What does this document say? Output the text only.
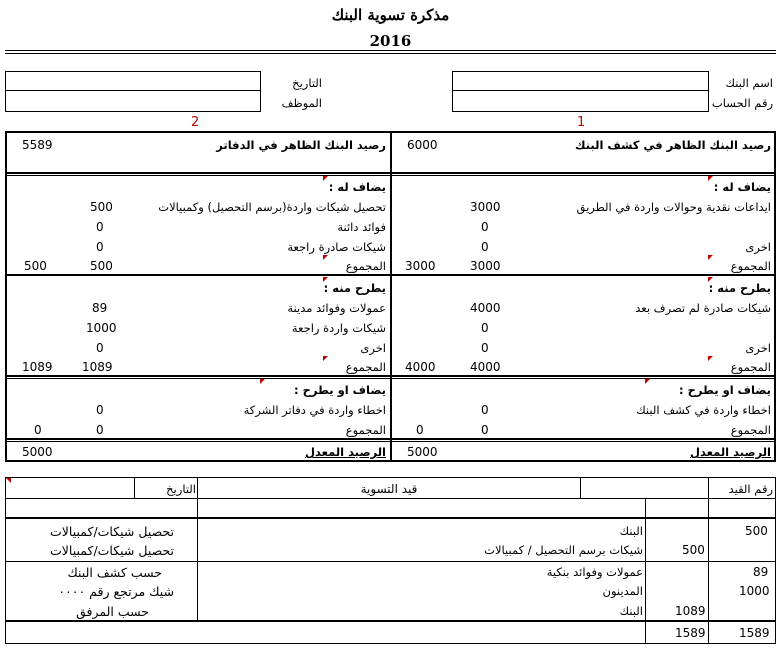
مذكرة تسوية البنك
2016
اسم البنك
رقم الحساب
التاريخ
الموظف
1
2
رصيد البنك الظاهر في كشف البنك
6000
يضاف له :
ايداعات نقدية وحوالات واردة في الطريق
3000
0
اخرى
0
المجموع
3000
3000
يطرح منه :
شيكات صادرة لم تصرف بعد
4000
0
اخرى
0
المجموع
4000
4000
يضاف او يطرح :
اخطاء واردة في كشف البنك
0
المجموع
0
0
الرصيد المعدل
5000
رصيد البنك الظاهر في الدفاتر
5589
يضاف له :
تحصيل شيكات واردة(برسم التحصيل) وكمبيالات
500
فوائد دائنة
0
شيكات صادرة راجعة
0
المجموع
500
500
يطرح منه :
عمولات وفوائد مدينة
89
شيكات واردة راجعة
1000
اخرى
0
المجموع
1089
1089
يضاف او يطرح :
اخطاء واردة في دفاتر الشركة
0
المجموع
0
0
الرصيد المعدل
5000
رقم القيد
قيد التسوية
التاريخ
500
البنك
شيكات برسم التحصيل / كمبيالات	500
تحصيل شيكات/كمبيالات
تحصيل شيكات/كمبيالات
89
1000
عمولات وفوائد بنكية
المدينون
البنك	1089
حسب كشف البنك
شيك مرتجع رقم ٠٠٠٠
حسب المرفق
1589
1589
